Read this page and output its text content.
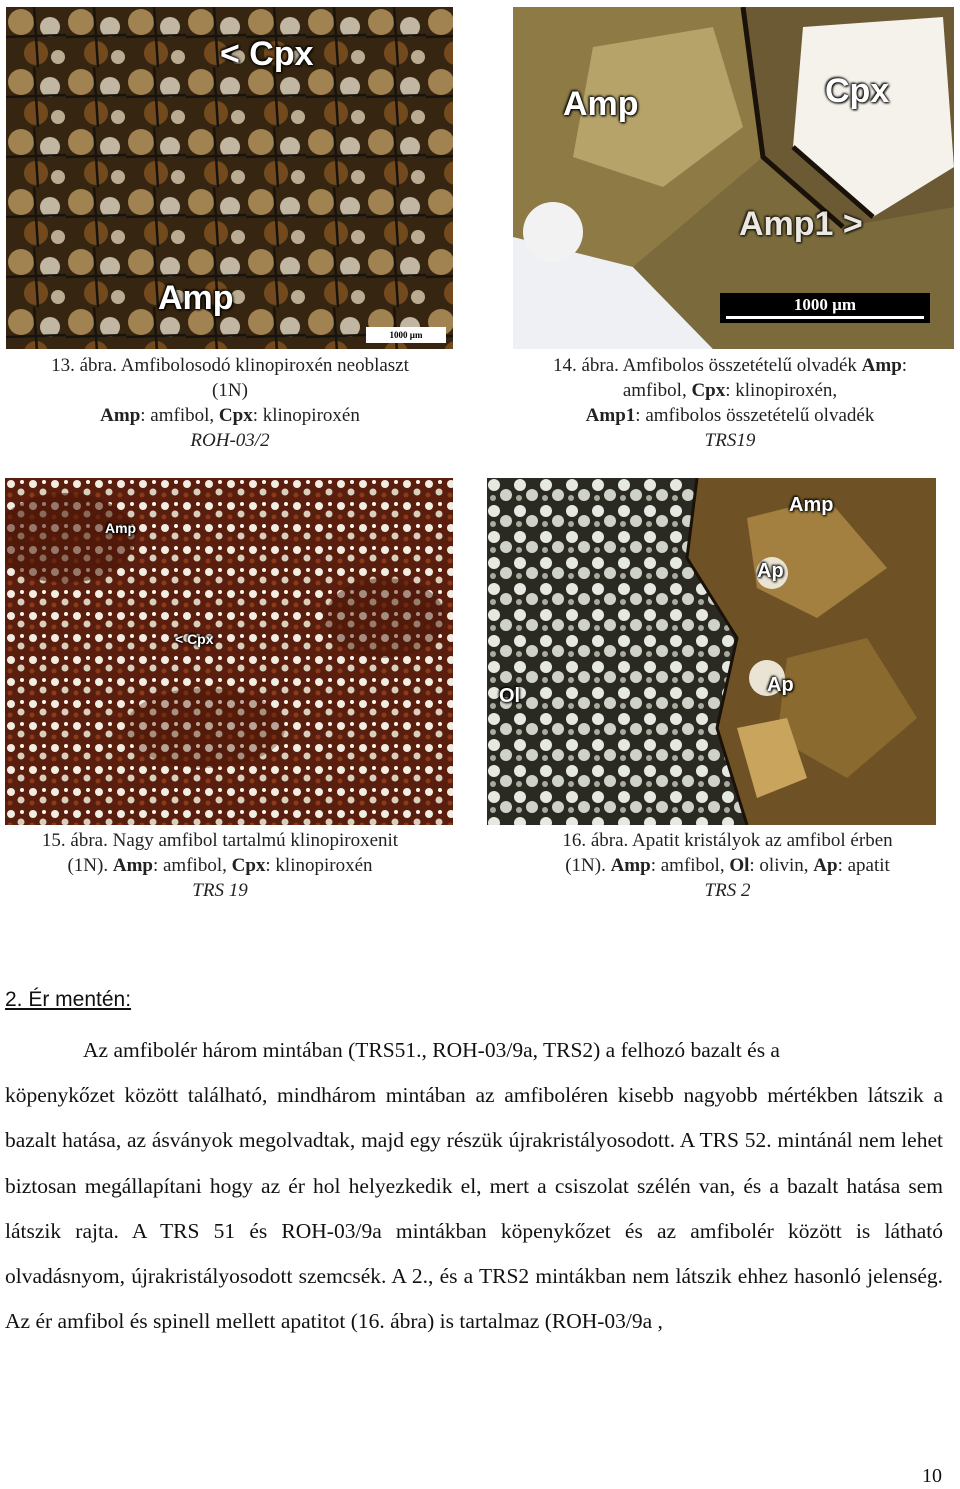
< Cpx
Amp
1000 µm
Amp	Cpx
Amp1 >
1000 µm
13. ábra. Amfibolosodó klinopiroxén neoblaszt
(1N)
Amp: amfibol, Cpx: klinopiroxén
ROH-03/2
14. ábra. Amfibolos összetételű olvadék Amp:
amfibol, Cpx: klinopiroxén,
Amp1: amfibolos összetételű olvadék
TRS19
Amp
< Cpx
Amp
Ap
Ap
Ol
15. ábra. Nagy amfibol tartalmú klinopiroxenit
(1N). Amp: amfibol, Cpx: klinopiroxén
TRS 19
16. ábra. Apatit kristályok az amfibol érben
(1N). Amp: amfibol, Ol: olivin, Ap: apatit
TRS 2
2. Ér mentén:
Az amfibolér három mintában (TRS51., ROH-03/9a, TRS2) a felhozó bazalt és a
köpenykőzet között található, mindhárom mintában az amfiboléren kisebb nagyobb mértékben látszik a bazalt hatása, az ásványok megolvadtak, majd egy részük újrakristályosodott. A TRS 52. mintánál nem lehet biztosan megállapítani hogy az ér hol helyezkedik el, mert a csiszolat szélén van, és a bazalt hatása sem látszik rajta. A TRS 51 és ROH-03/9a mintákban köpenykőzet és az amfibolér között is látható olvadásnyom, újrakristályosodott szemcsék. A 2., és a TRS2 mintákban nem látszik ehhez hasonló jelenség. Az ér amfibol és spinell mellett apatitot (16. ábra) is tartalmaz (ROH-03/9a ,
10
